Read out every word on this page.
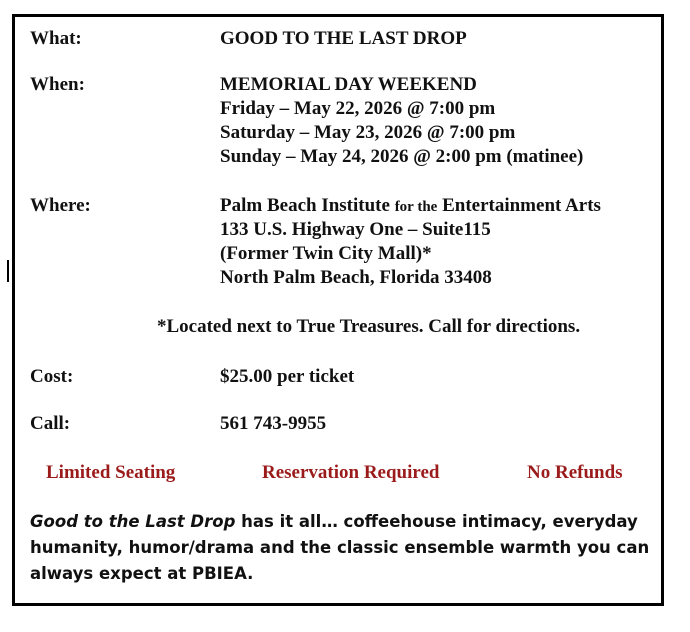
What:	GOOD TO THE LAST DROP
When:	MEMORIAL DAY WEEKEND
Friday – May 22, 2026 @ 7:00 pm
Saturday – May 23, 2026 @ 7:00 pm
Sunday – May 24, 2026 @ 2:00 pm (matinee)
Where:	Palm Beach Institute for the Entertainment Arts
133 U.S. Highway One – Suite115
(Former Twin City Mall)*
North Palm Beach, Florida 33408
*Located next to True Treasures. Call for directions.
Cost:	$25.00 per ticket
Call:	561 743-9955
Limited Seating	Reservation Required	No Refunds
Good to the Last Drop has it all… coffeehouse intimacy, everyday humanity, humor/drama and the classic ensemble warmth you can always expect at PBIEA.
